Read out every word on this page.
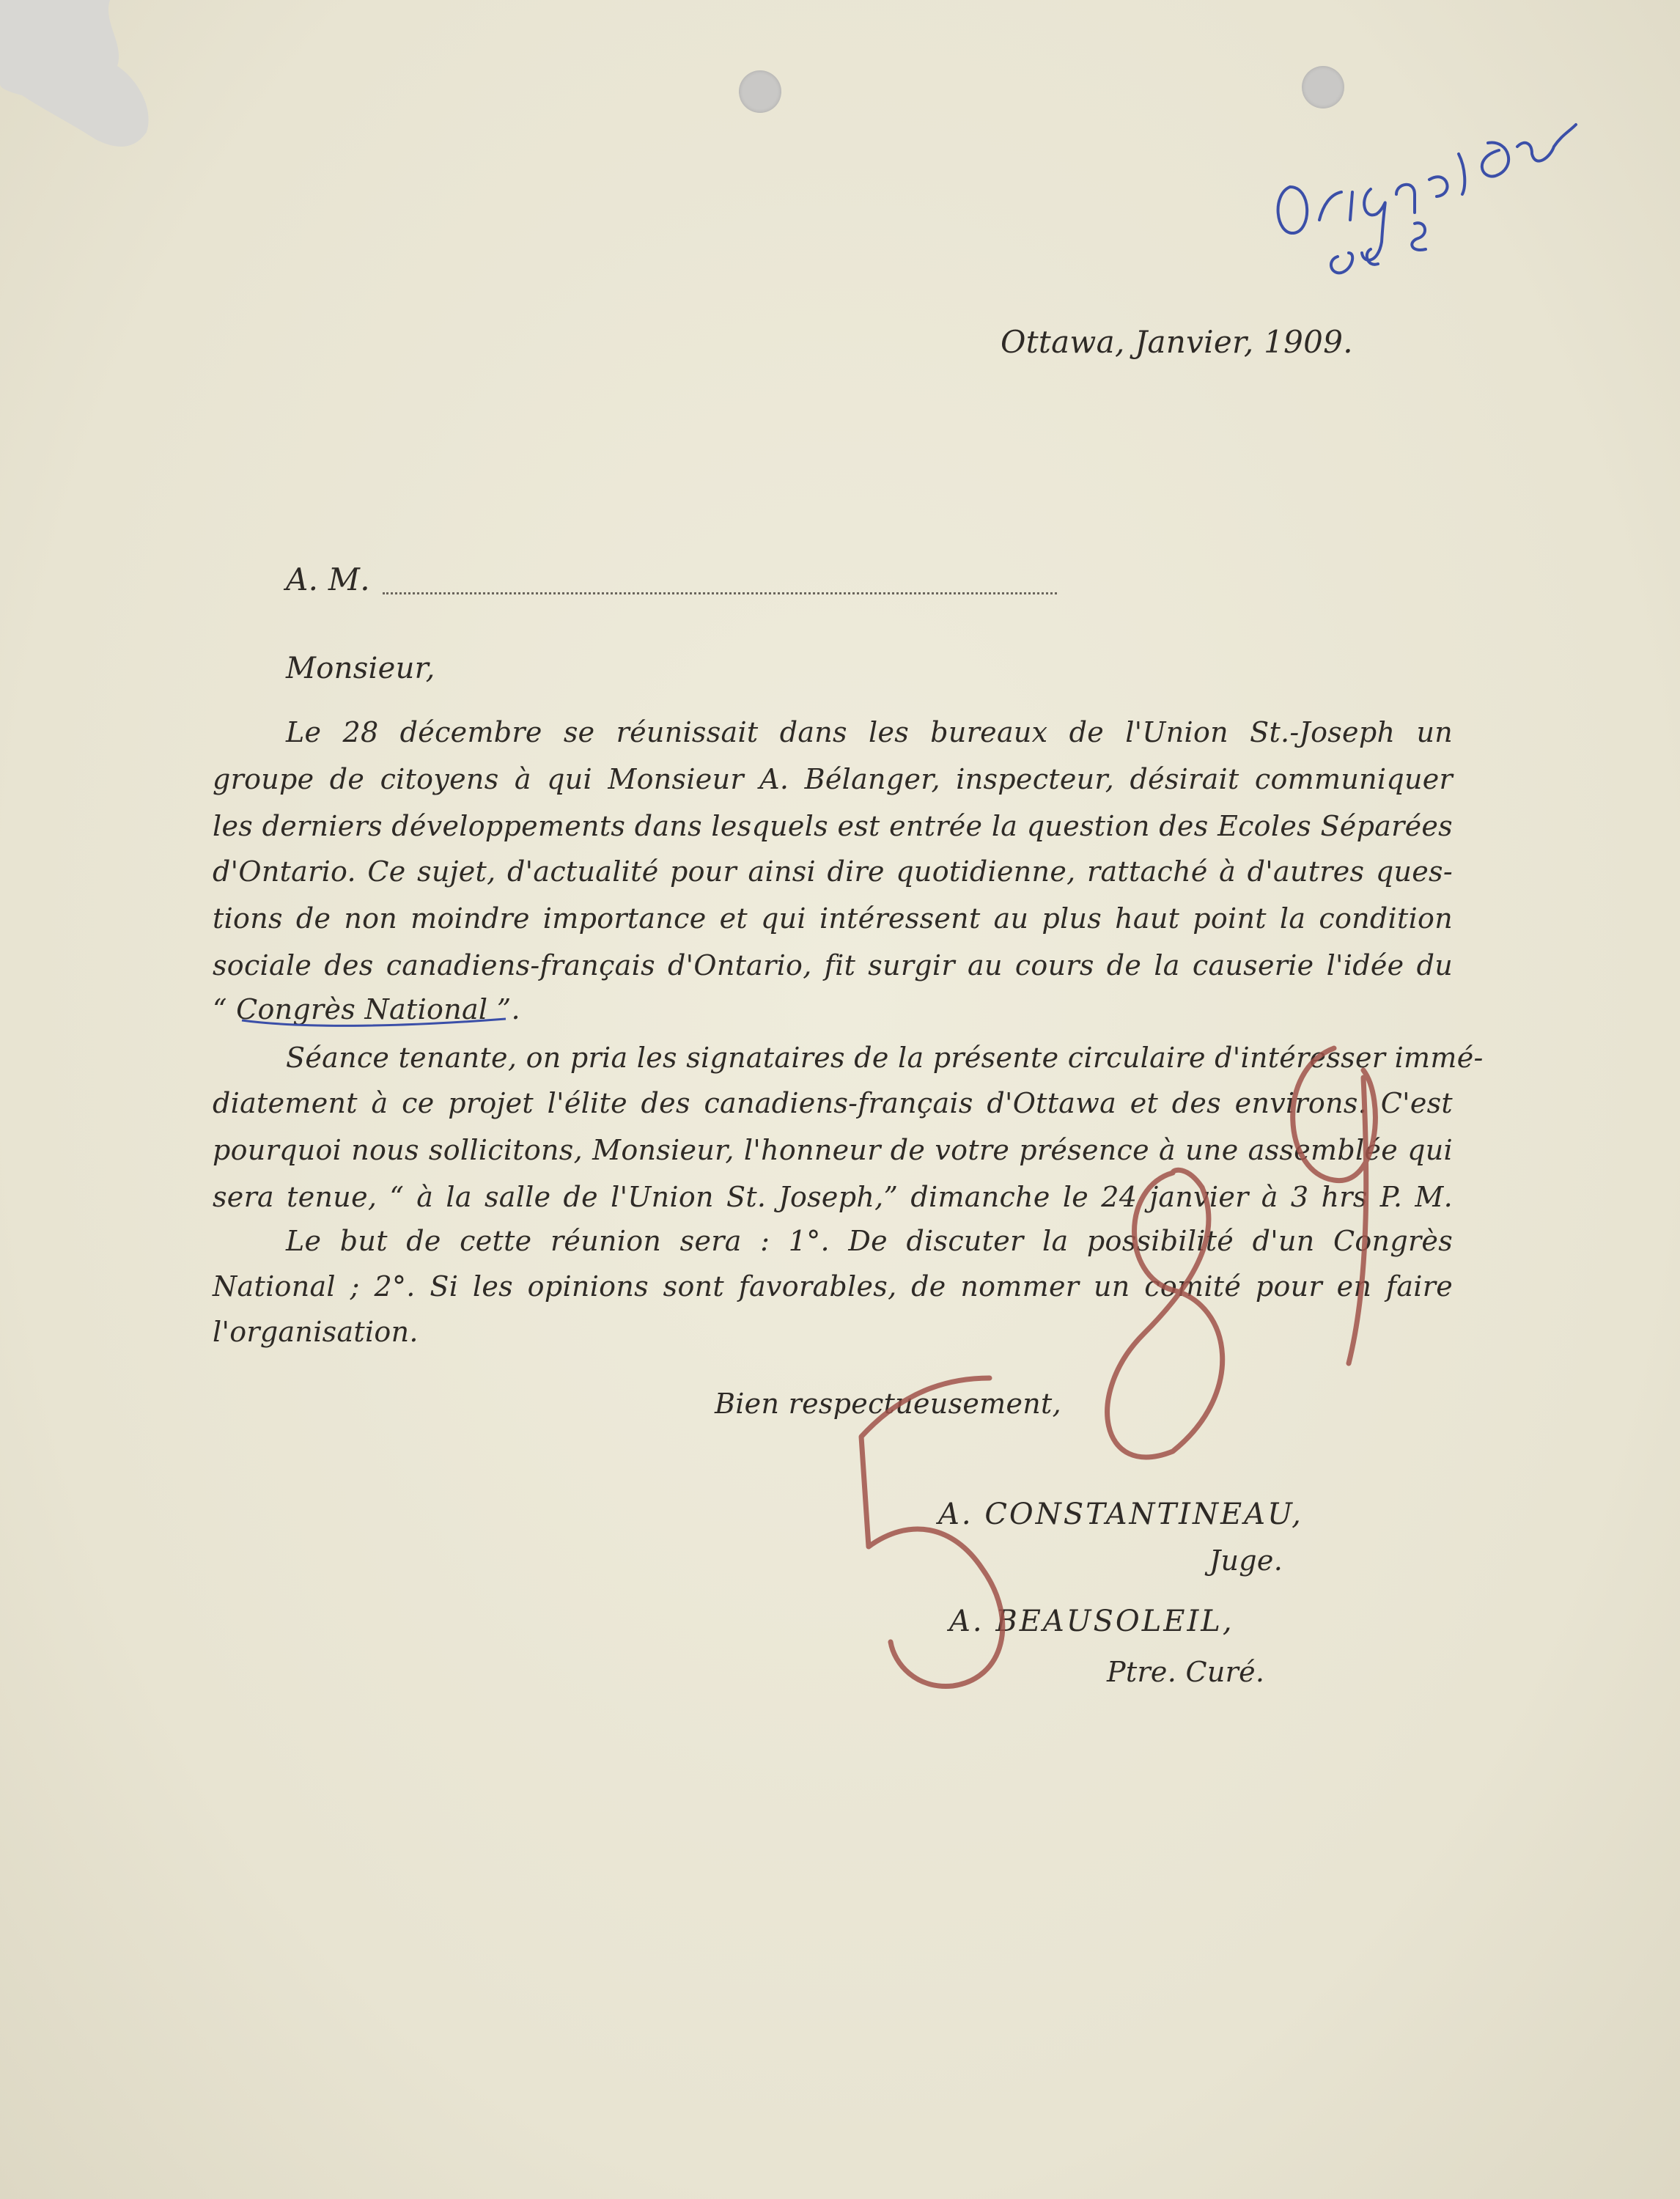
Ottawa, Janvier, 1909.
A. M.
Monsieur,
Le 28 décembre se réunissait dans les bureaux de l'Union St.-Joseph un
groupe de citoyens à qui Monsieur A. Bélanger, inspecteur, désirait communiquer
les derniers développements dans lesquels est entrée la question des Ecoles Séparées
d'Ontario. Ce sujet, d'actualité pour ainsi dire quotidienne, rattaché à d'autres ques-
tions de non moindre importance et qui intéressent au plus haut point la condition
sociale des canadiens-français d'Ontario, fit surgir au cours de la causerie l'idée du
“ Congrès National ”.
Séance tenante, on pria les signataires de la présente circulaire d'intéresser immé-
diatement à ce projet l'élite des canadiens-français d'Ottawa et des environs. C'est
pourquoi nous sollicitons, Monsieur, l'honneur de votre présence à une assemblée qui
sera tenue, “ à la salle de l'Union St. Joseph,” dimanche le 24 janvier à 3 hrs P. M.
Le but de cette réunion sera : 1°. De discuter la possibilité d'un Congrès
National ; 2°. Si les opinions sont favorables, de nommer un comité pour en faire
l'organisation.
Bien respectueusement,
A. CONSTANTINEAU,
Juge.
A. BEAUSOLEIL,
Ptre. Curé.
